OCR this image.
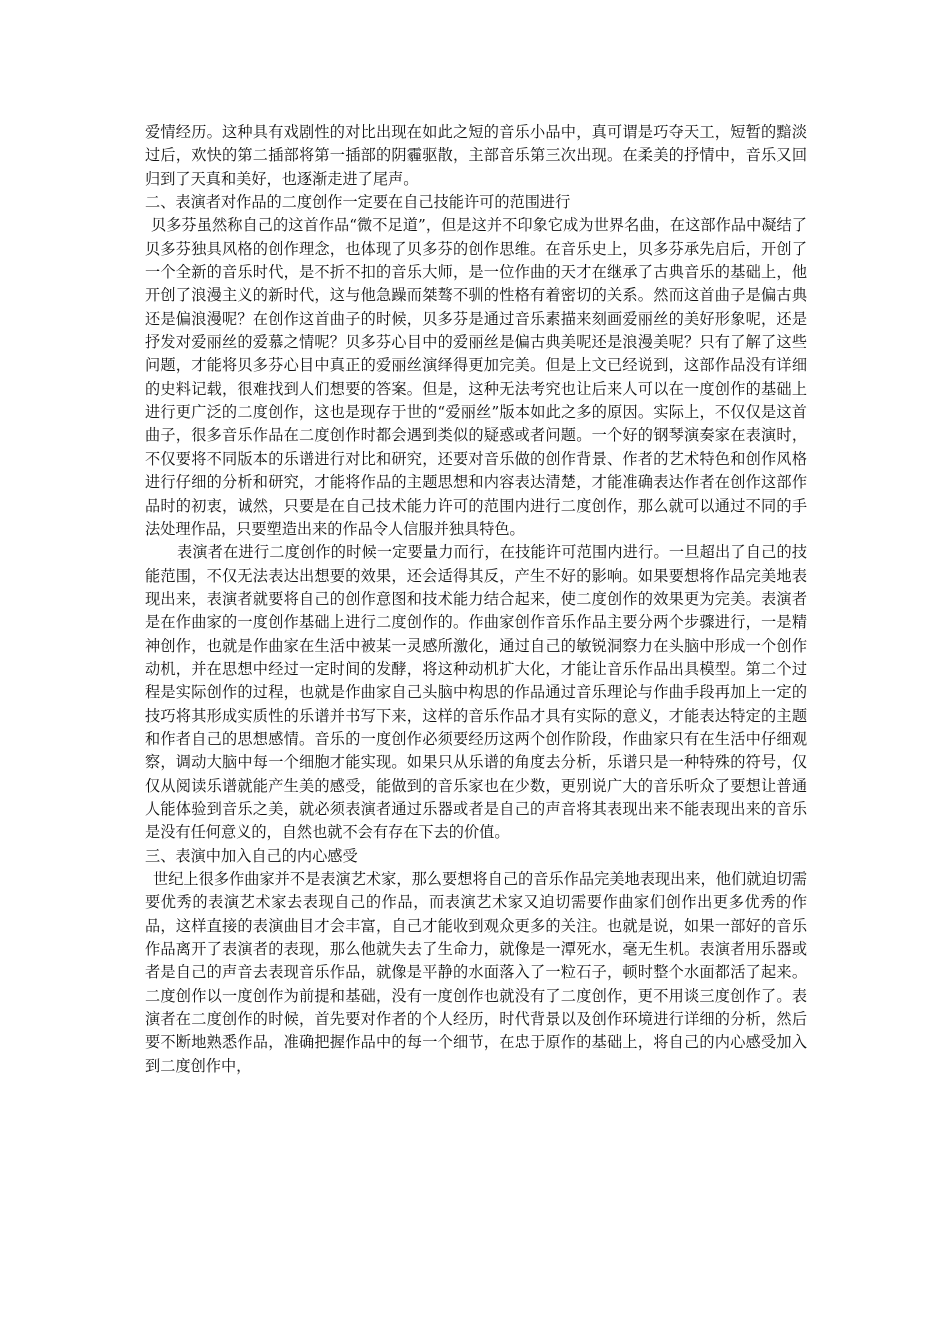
爱情经历。这种具有戏剧性的对比出现在如此之短的音乐小品中，真可谓是巧夺天工，短暂的黯淡过后，欢快的第二插部将第一插部的阴霾驱散，主部音乐第三次出现。在柔美的抒情中，音乐又回归到了天真和美好，也逐渐走进了尾声。

二、表演者对作品的二度创作一定要在自己技能许可的范围进行

贝多芬虽然称自己的这首作品“微不足道”，但是这并不印象它成为世界名曲，在这部作品中凝结了贝多芬独具风格的创作理念，也体现了贝多芬的创作思维。在音乐史上，贝多芬承先启后，开创了一个全新的音乐时代，是不折不扣的音乐大师，是一位作曲的天才在继承了古典音乐的基础上，他开创了浪漫主义的新时代，这与他急躁而桀骜不驯的性格有着密切的关系。然而这首曲子是偏古典还是偏浪漫呢？在创作这首曲子的时候，贝多芬是通过音乐素描来刻画爱丽丝的美好形象呢，还是抒发对爱丽丝的爱慕之情呢？贝多芬心目中的爱丽丝是偏古典美呢还是浪漫美呢？只有了解了这些问题，才能将贝多芬心目中真正的爱丽丝演绎得更加完美。但是上文已经说到，这部作品没有详细的史料记载，很难找到人们想要的答案。但是，这种无法考究也让后来人可以在一度创作的基础上进行更广泛的二度创作，这也是现存于世的“爱丽丝”版本如此之多的原因。实际上，不仅仅是这首曲子，很多音乐作品在二度创作时都会遇到类似的疑惑或者问题。一个好的钢琴演奏家在表演时，不仅要将不同版本的乐谱进行对比和研究，还要对音乐做的创作背景、作者的艺术特色和创作风格进行仔细的分析和研究，才能将作品的主题思想和内容表达清楚，才能准确表达作者在创作这部作品时的初衷，诚然，只要是在自己技术能力许可的范围内进行二度创作，那么就可以通过不同的手法处理作品，只要塑造出来的作品令人信服并独具特色。

表演者在进行二度创作的时候一定要量力而行，在技能许可范围内进行。一旦超出了自己的技能范围，不仅无法表达出想要的效果，还会适得其反，产生不好的影响。如果要想将作品完美地表现出来，表演者就要将自己的创作意图和技术能力结合起来，使二度创作的效果更为完美。表演者是在作曲家的一度创作基础上进行二度创作的。作曲家创作音乐作品主要分两个步骤进行，一是精神创作，也就是作曲家在生活中被某一灵感所激化，通过自己的敏锐洞察力在头脑中形成一个创作动机，并在思想中经过一定时间的发酵，将这种动机扩大化，才能让音乐作品出具模型。第二个过程是实际创作的过程，也就是作曲家自己头脑中构思的作品通过音乐理论与作曲手段再加上一定的技巧将其形成实质性的乐谱并书写下来，这样的音乐作品才具有实际的意义，才能表达特定的主题和作者自己的思想感情。音乐的一度创作必须要经历这两个创作阶段，作曲家只有在生活中仔细观察，调动大脑中每一个细胞才能实现。如果只从乐谱的角度去分析，乐谱只是一种特殊的符号，仅仅从阅读乐谱就能产生美的感受，能做到的音乐家也在少数，更别说广大的音乐听众了要想让普通人能体验到音乐之美，就必须表演者通过乐器或者是自己的声音将其表现出来不能表现出来的音乐是没有任何意义的，自然也就不会有存在下去的价值。

三、表演中加入自己的内心感受

世纪上很多作曲家并不是表演艺术家，那么要想将自己的音乐作品完美地表现出来，他们就迫切需要优秀的表演艺术家去表现自己的作品，而表演艺术家又迫切需要作曲家们创作出更多优秀的作品，这样直接的表演曲目才会丰富，自己才能收到观众更多的关注。也就是说，如果一部好的音乐作品离开了表演者的表现，那么他就失去了生命力，就像是一潭死水，毫无生机。表演者用乐器或者是自己的声音去表现音乐作品，就像是平静的水面落入了一粒石子，顿时整个水面都活了起来。二度创作以一度创作为前提和基础，没有一度创作也就没有了二度创作，更不用谈三度创作了。表演者在二度创作的时候，首先要对作者的个人经历，时代背景以及创作环境进行详细的分析，然后要不断地熟悉作品，准确把握作品中的每一个细节，在忠于原作的基础上，将自己的内心感受加入到二度创作中，
